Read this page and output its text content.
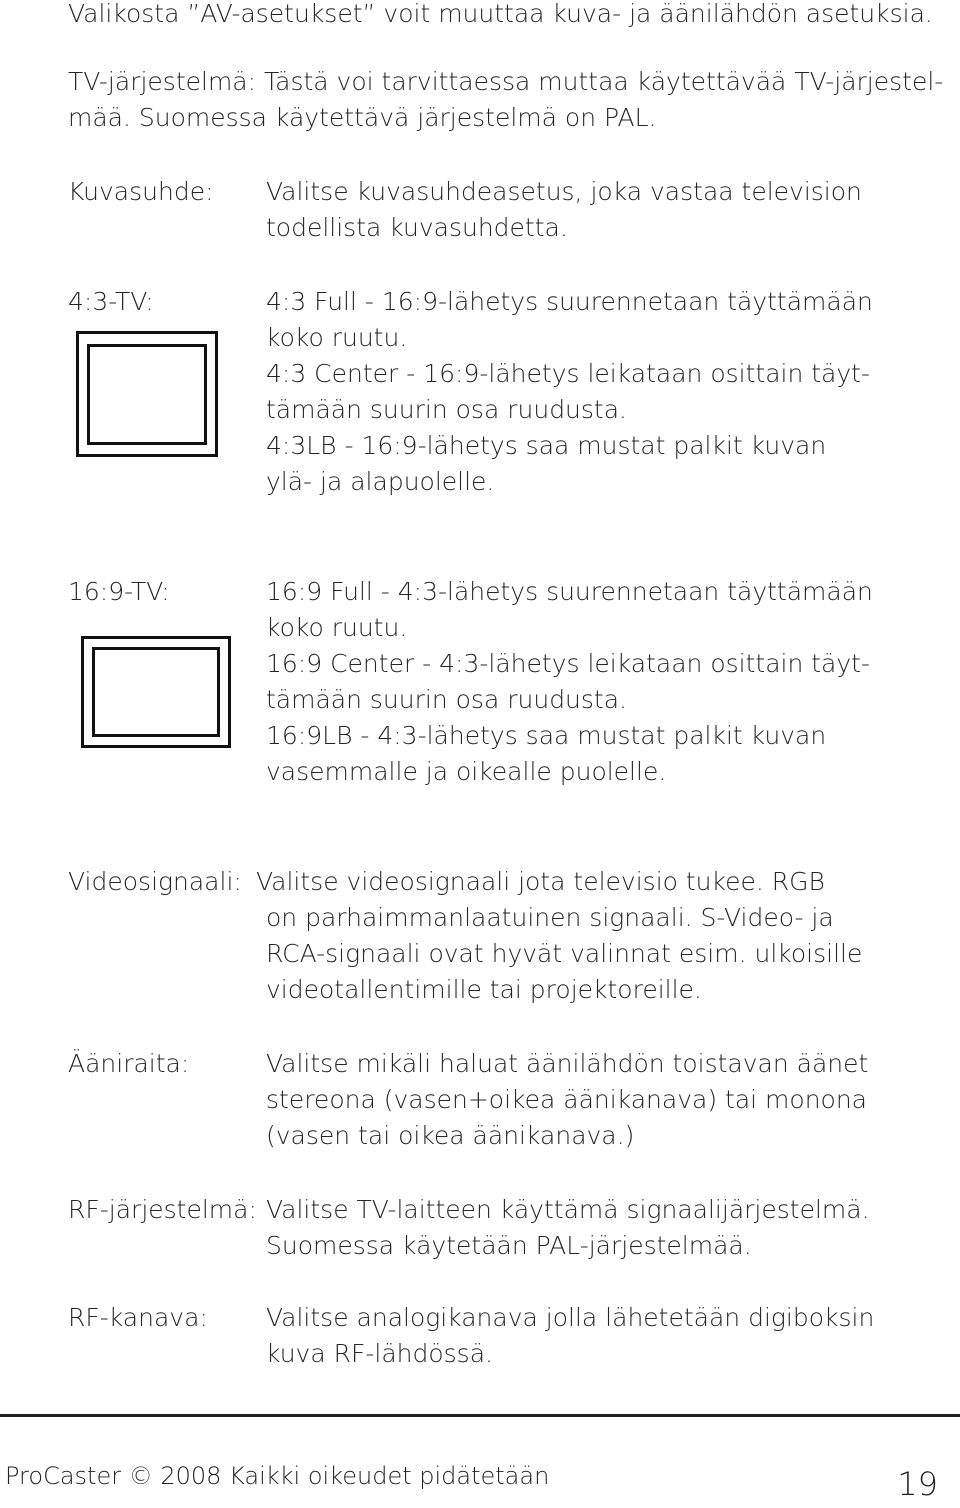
Valikosta ”AV-asetukset” voit muuttaa kuva- ja äänilähdön asetuksia.

TV-järjestelmä: Tästä voi tarvittaessa muttaa käytettävää TV-järjestel-

mää. Suomessa käytettävä järjestelmä on PAL.

Kuvasuhde: Valitse kuvasuhdeasetus, joka vastaa television

todellista kuvasuhdetta.

4:3-TV:	4:3 Full - 16:9-lähetys suurennetaan täyttämään

koko ruutu.

4:3 Center - 16:9-lähetys leikataan osittain täyt-

tämään suurin osa ruudusta.

4:3LB - 16:9-lähetys saa mustat palkit kuvan

ylä- ja alapuolelle.

16:9-TV:	16:9 Full - 4:3-lähetys suurennetaan täyttämään

koko ruutu.

16:9 Center - 4:3-lähetys leikataan osittain täyt-

tämään suurin osa ruudusta.

16:9LB - 4:3-lähetys saa mustat palkit kuvan

vasemmalle ja oikealle puolelle.

Videosignaali: Valitse videosignaali jota televisio tukee. RGB

on parhaimmanlaatuinen signaali. S-Video- ja

RCA-signaali ovat hyvät valinnat esim. ulkoisille

videotallentimille tai projektoreille.

Ääniraita:	Valitse mikäli haluat äänilähdön toistavan äänet

stereona (vasen+oikea äänikanava) tai monona

(vasen tai oikea äänikanava.)

RF-järjestelmä: Valitse TV-laitteen käyttämä signaalijärjestelmä.

Suomessa käytetään PAL-järjestelmää.

RF-kanava: Valitse analogikanava jolla lähetetään digiboksin

kuva RF-lähdössä.

ProCaster © 2008 Kaikki oikeudet pidätetään	19
